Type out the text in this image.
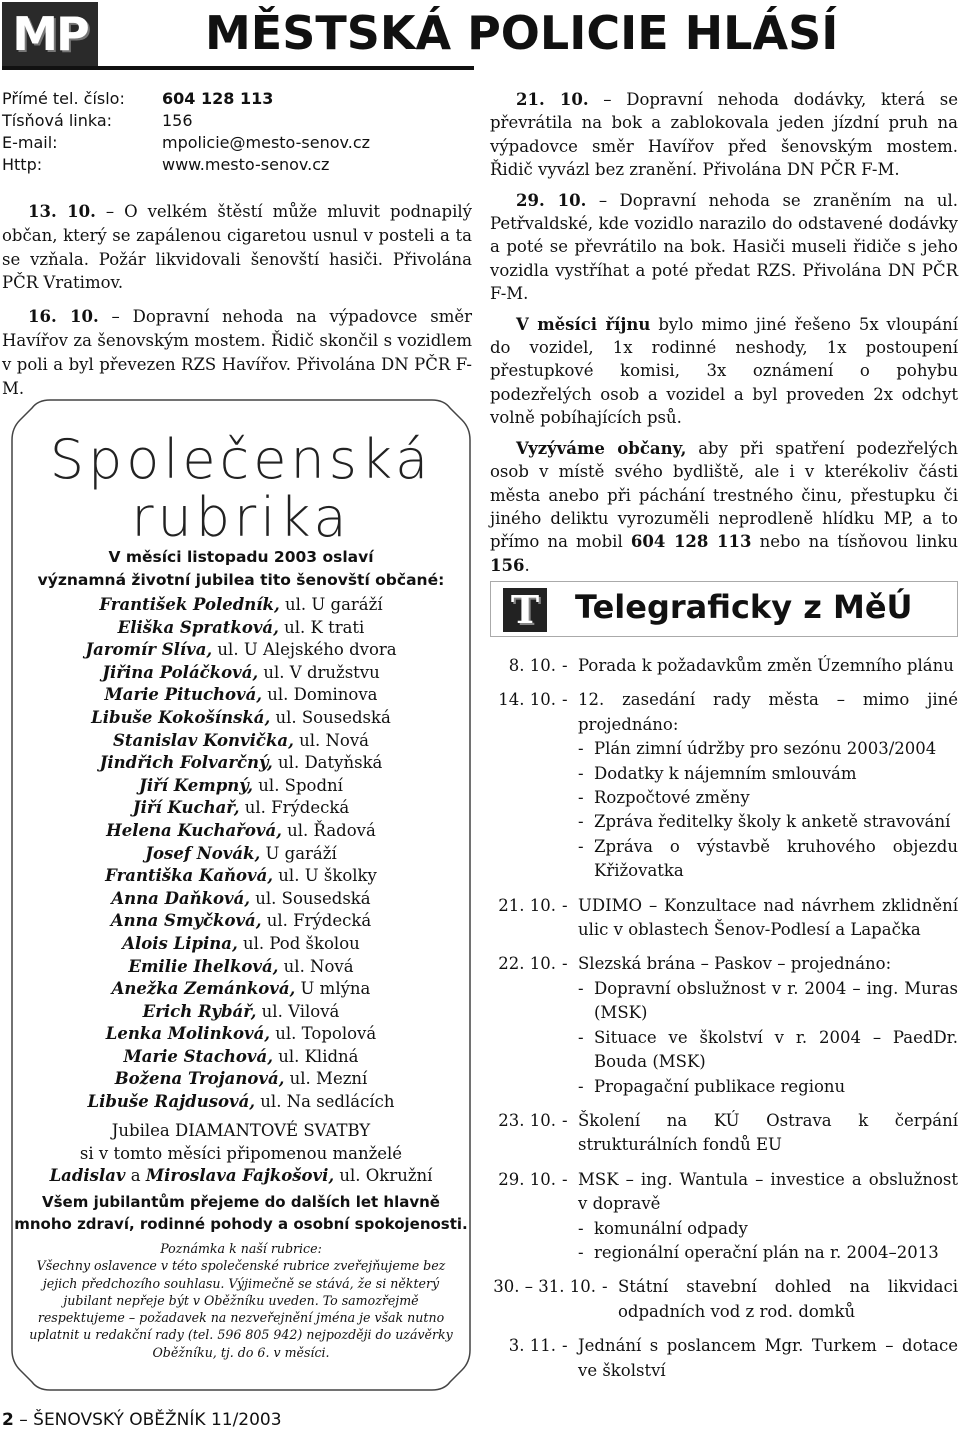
MP	MĚSTSKÁ POLICIE HLÁSÍ
Přímé tel. číslo:	604 128 113
Tísňová linka:	156
E-mail:	mpolicie@mesto-senov.cz
Http:	www.mesto-senov.cz

13. 10. – O velkém štěstí může mluvit podnapilý občan, který se zapálenou cigaretou usnul v posteli a ta se vzňala. Požár likvidovali šenovští hasiči. Přivolána PČR Vratimov.

16. 10. – Dopravní nehoda na výpadovce směr Havířov za šenovským mostem. Řidič skončil s vozidlem v poli a byl převezen RZS Havířov. Přivolána DN PČR F-M.

Společenská
rubrika
V měsíci listopadu 2003 oslaví
významná životní jubilea tito šenovští občané:
František Poledník, ul. U garáží
Eliška Spratková, ul. K trati
Jaromír Slíva, ul. U Alejského dvora
Jiřina Poláčková, ul. V družstvu
Marie Pituchová, ul. Dominova
Libuše Kokošínská, ul. Sousedská
Stanislav Konvička, ul. Nová
Jindřich Folvarčný, ul. Datyňská
Jiří Kempný, ul. Spodní
Jiří Kuchař, ul. Frýdecká
Helena Kuchařová, ul. Řadová
Josef Novák, U garáží
Františka Kaňová, ul. U školky
Anna Daňková, ul. Sousedská
Anna Smyčková, ul. Frýdecká
Alois Lipina, ul. Pod školou
Emilie Ihelková, ul. Nová
Anežka Zemánková, U mlýna
Erich Rybář, ul. Vilová
Lenka Molinková, ul. Topolová
Marie Stachová, ul. Klidná
Božena Trojanová, ul. Mezní
Libuše Rajdusová, ul. Na sedlácích
Jubilea DIAMANTOVÉ SVATBY
si v tomto měsíci připomenou manželé
Ladislav a Miroslava Fajkošovi, ul. Okružní
Všem jubilantům přejeme do dalších let hlavně
mnoho zdraví, rodinné pohody a osobní spokojenosti.
Poznámka k naší rubrice:
Všechny oslavence v této společenské rubrice zveřejňujeme bez jejich předchozího souhlasu. Výjimečně se stává, že si některý jubilant nepřeje být v Oběžníku uveden. To samozřejmě respektujeme – požadavek na nezveřejnění jména je však nutno uplatnit u redakční rady (tel. 596 805 942) nejpozději do uzávěrky Oběžníku, tj. do 6. v měsíci.
2 – ŠENOVSKÝ OBĚŽNÍK 11/2003

21. 10. – Dopravní nehoda dodávky, která se převrátila na bok a zablokovala jeden jízdní pruh na výpadovce směr Havířov před šenovským mostem. Řidič vyvázl bez zranění. Přivolána DN PČR F-M.

29. 10. – Dopravní nehoda se zraněním na ul. Petřvaldské, kde vozidlo narazilo do odstavené dodávky a poté se převrátilo na bok. Hasiči museli řidiče s jeho vozidla vystříhat a poté předat RZS. Přivolána DN PČR F-M.

V měsíci říjnu bylo mimo jiné řešeno 5x vloupání do vozidel, 1x rodinné neshody, 1x postoupení přestupkové komisi, 3x oznámení o pohybu podezřelých osob a vozidel a byl proveden 2x odchyt volně pobíhajících psů.

Vyzýváme občany, aby při spatření podezřelých osob v místě svého bydliště, ale i v kterékoliv části města anebo při páchání trestného činu, přestupku či jiného deliktu vyrozuměli neprodleně hlídku MP, a to přímo na mobil 604 128 113 nebo na tísňovou linku 156.

T Telegraficky z MěÚ
8. 10. - Porada k požadavkům změn Územního plánu
14. 10. - 12. zasedání rady města – mimo jiné projednáno:
- Plán zimní údržby pro sezónu 2003/2004
- Dodatky k nájemním smlouvám
- Rozpočtové změny
- Zpráva ředitelky školy k anketě stravování
- Zpráva o výstavbě kruhového objezdu Křižovatka
21. 10. - UDIMO – Konzultace nad návrhem zklidnění ulic v oblastech Šenov-Podlesí a Lapačka
22. 10. - Slezská brána – Paskov – projednáno:
- Dopravní obslužnost v r. 2004 – ing. Muras (MSK)
- Situace ve školství v r. 2004 – PaedDr. Bouda (MSK)
- Propagační publikace regionu
23. 10. - Školení na KÚ Ostrava k čerpání strukturálních fondů EU
29. 10. - MSK – ing. Wantula – investice a obslužnost v dopravě
- komunální odpady
- regionální operační plán na r. 2004–2013
30. – 31. 10. - Státní stavební dohled na likvidaci odpadních vod z rod. domků
3. 11. - Jednání s poslancem Mgr. Turkem – dotace ve školství
